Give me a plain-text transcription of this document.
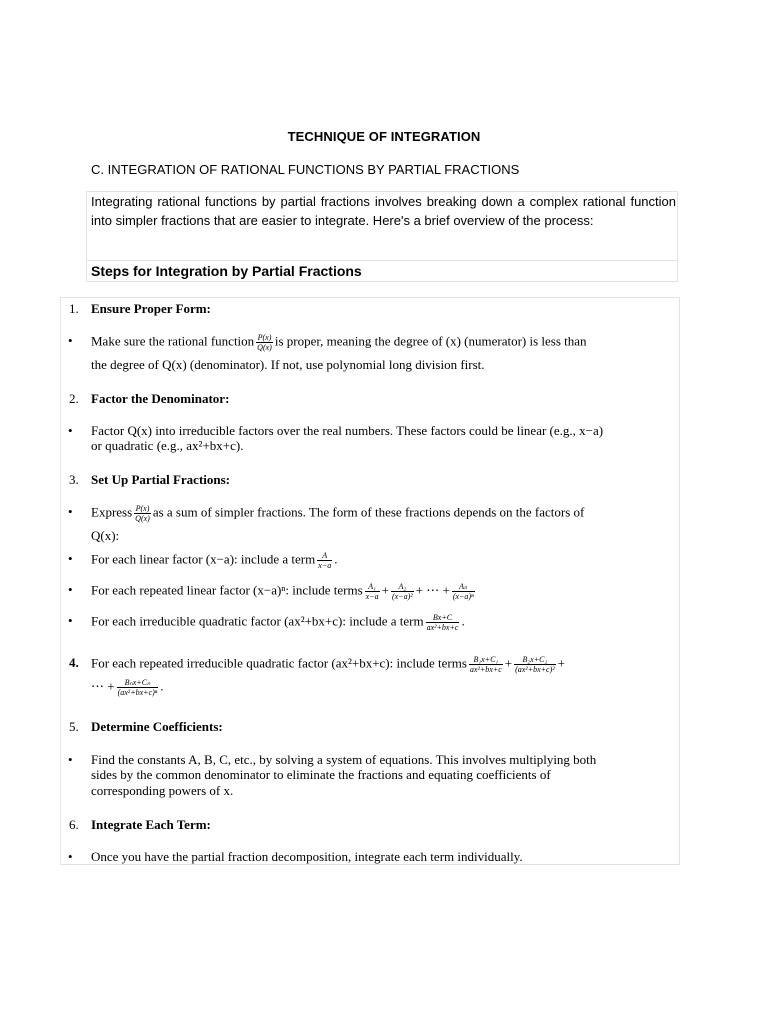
TECHNIQUE OF INTEGRATION
C. INTEGRATION OF RATIONAL FUNCTIONS BY PARTIAL FRACTIONS

Integrating rational functions by partial fractions involves breaking down a complex rational function into simpler fractions that are easier to integrate. Here's a brief overview of the process:

Steps for Integration by Partial Fractions

1. Ensure Proper Form:
• Make sure the rational function $\frac{P(x)}{Q(x)}$ is proper, meaning the degree of (x) (numerator) is less than
the degree of Q(x) (denominator). If not, use polynomial long division first.
2. Factor the Denominator:
• Factor Q(x) into irreducible factors over the real numbers. These factors could be linear (e.g., x−a)
or quadratic (e.g., ax²+bx+c).
3. Set Up Partial Fractions:
• Express $\frac{P(x)}{Q(x)}$ as a sum of simpler fractions. The form of these fractions depends on the factors of
Q(x):
• For each linear factor (x−a): include a term $\frac{A}{x-a}$ .
• For each repeated linear factor (x−a)ⁿ: include terms $\frac{\text{A₁}}{x-a} + \frac{\text{A₂}}{\text{(x−a)²}}$ + ⋯ + $\frac{\text{Aₙ}}{\text{(x−a)ⁿ}}$
• For each irreducible quadratic factor (ax²+bx+c): include a term $\frac{Bx+C}{\text{ax²+bx+c}}$ .
4. For each repeated irreducible quadratic factor (ax²+bx+c): include terms $\frac{\text{B₁x+C₁}}{\text{ax²+bx+c}} + \frac{\text{B₂x+C₂}}{\text{(ax²+bx+c)²}}$ +
⋯ + $\frac{\text{Bₙx+Cₙ}}{\text{(ax²+bx+c)ⁿ}}$ .
5. Determine Coefficients:
• Find the constants A, B, C, etc., by solving a system of equations. This involves multiplying both
sides by the common denominator to eliminate the fractions and equating coefficients of
corresponding powers of x.
6. Integrate Each Term:
• Once you have the partial fraction decomposition, integrate each term individually.
